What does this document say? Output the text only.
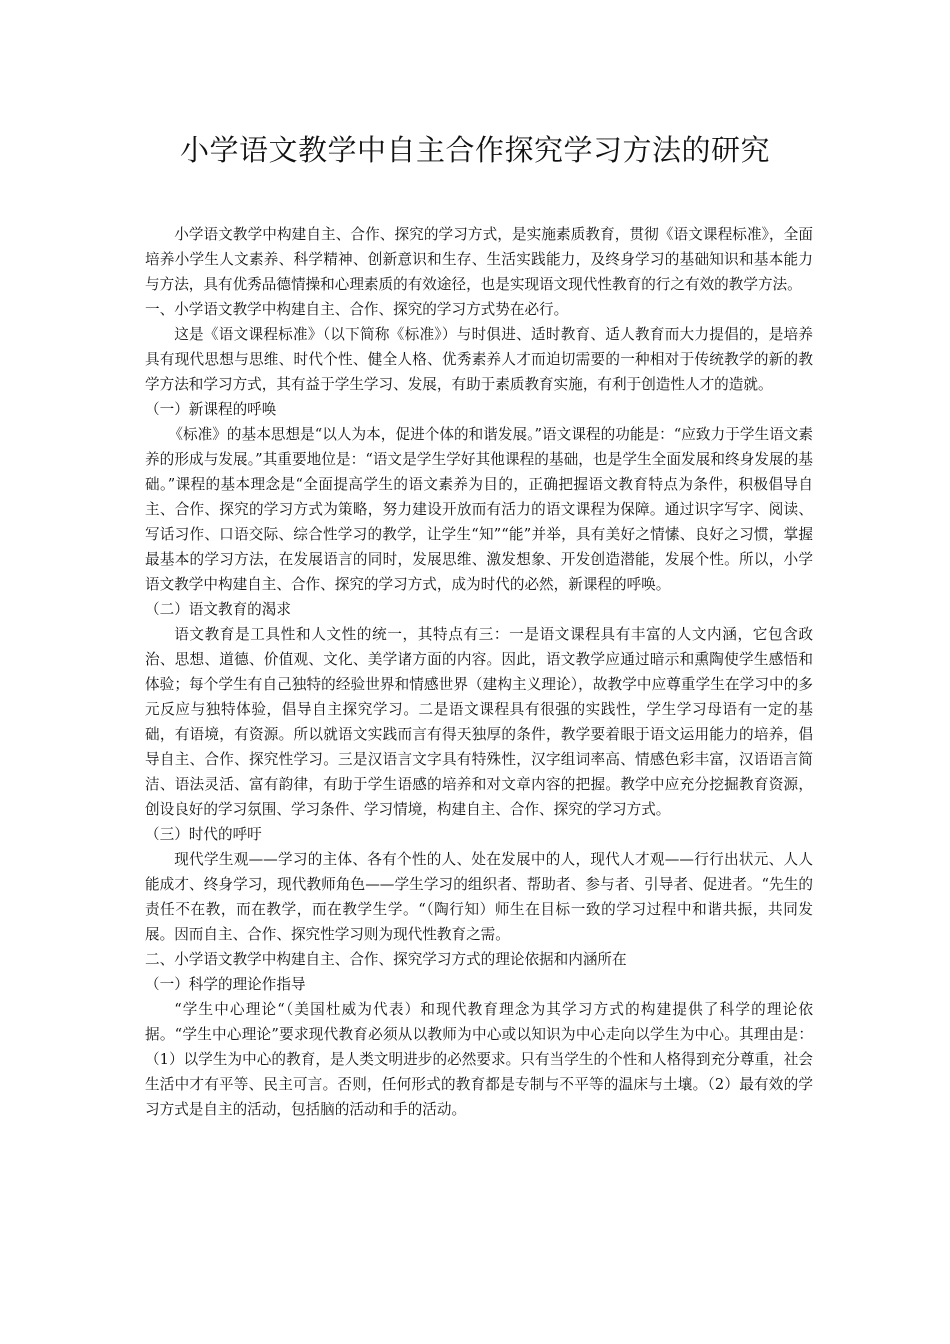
小学语文教学中自主合作探究学习方法的研究

小学语文教学中构建自主、合作、探究的学习方式，是实施素质教育，贯彻《语文课程标准》，全面培养小学生人文素养、科学精神、创新意识和生存、生活实践能力，及终身学习的基础知识和基本能力与方法，具有优秀品德情操和心理素质的有效途径，也是实现语文现代性教育的行之有效的教学方法。

一、小学语文教学中构建自主、合作、探究的学习方式势在必行。

这是《语文课程标准》（以下简称《标准》）与时俱进、适时教育、适人教育而大力提倡的，是培养具有现代思想与思维、时代个性、健全人格、优秀素养人才而迫切需要的一种相对于传统教学的新的教学方法和学习方式，其有益于学生学习、发展，有助于素质教育实施，有利于创造性人才的造就。

（一）新课程的呼唤

《标准》的基本思想是“以人为本，促进个体的和谐发展。”语文课程的功能是：“应致力于学生语文素养的形成与发展。”其重要地位是：“语文是学生学好其他课程的基础，也是学生全面发展和终身发展的基础。”课程的基本理念是“全面提高学生的语文素养为目的，正确把握语文教育特点为条件，积极倡导自主、合作、探究的学习方式为策略，努力建设开放而有活力的语文课程为保障。通过识字写字、阅读、写话习作、口语交际、综合性学习的教学，让学生“知”“能”并举，具有美好之情愫、良好之习惯，掌握最基本的学习方法，在发展语言的同时，发展思维、激发想象、开发创造潜能，发展个性。所以，小学语文教学中构建自主、合作、探究的学习方式，成为时代的必然，新课程的呼唤。

（二）语文教育的渴求

语文教育是工具性和人文性的统一，其特点有三：一是语文课程具有丰富的人文内涵，它包含政治、思想、道德、价值观、文化、美学诸方面的内容。因此，语文教学应通过暗示和熏陶使学生感悟和体验；每个学生有自己独特的经验世界和情感世界（建构主义理论），故教学中应尊重学生在学习中的多元反应与独特体验，倡导自主探究学习。二是语文课程具有很强的实践性，学生学习母语有一定的基础，有语境，有资源。所以就语文实践而言有得天独厚的条件，教学要着眼于语文运用能力的培养，倡导自主、合作、探究性学习。三是汉语言文字具有特殊性，汉字组词率高、情感色彩丰富，汉语语言简洁、语法灵活、富有韵律，有助于学生语感的培养和对文章内容的把握。教学中应充分挖掘教育资源，创设良好的学习氛围、学习条件、学习情境，构建自主、合作、探究的学习方式。

（三）时代的呼吁

现代学生观——学习的主体、各有个性的人、处在发展中的人，现代人才观——行行出状元、人人能成才、终身学习，现代教师角色——学生学习的组织者、帮助者、参与者、引导者、促进者。“先生的责任不在教，而在教学，而在教学生学。“（陶行知）师生在目标一致的学习过程中和谐共振，共同发展。因而自主、合作、探究性学习则为现代性教育之需。

二、小学语文教学中构建自主、合作、探究学习方式的理论依据和内涵所在

（一）科学的理论作指导

“学生中心理论“（美国杜威为代表）和现代教育理念为其学习方式的构建提供了科学的理论依据。“学生中心理论”要求现代教育必须从以教师为中心或以知识为中心走向以学生为中心。其理由是：（1）以学生为中心的教育，是人类文明进步的必然要求。只有当学生的个性和人格得到充分尊重，社会生活中才有平等、民主可言。否则，任何形式的教育都是专制与不平等的温床与土壤。（2）最有效的学习方式是自主的活动，包括脑的活动和手的活动。
